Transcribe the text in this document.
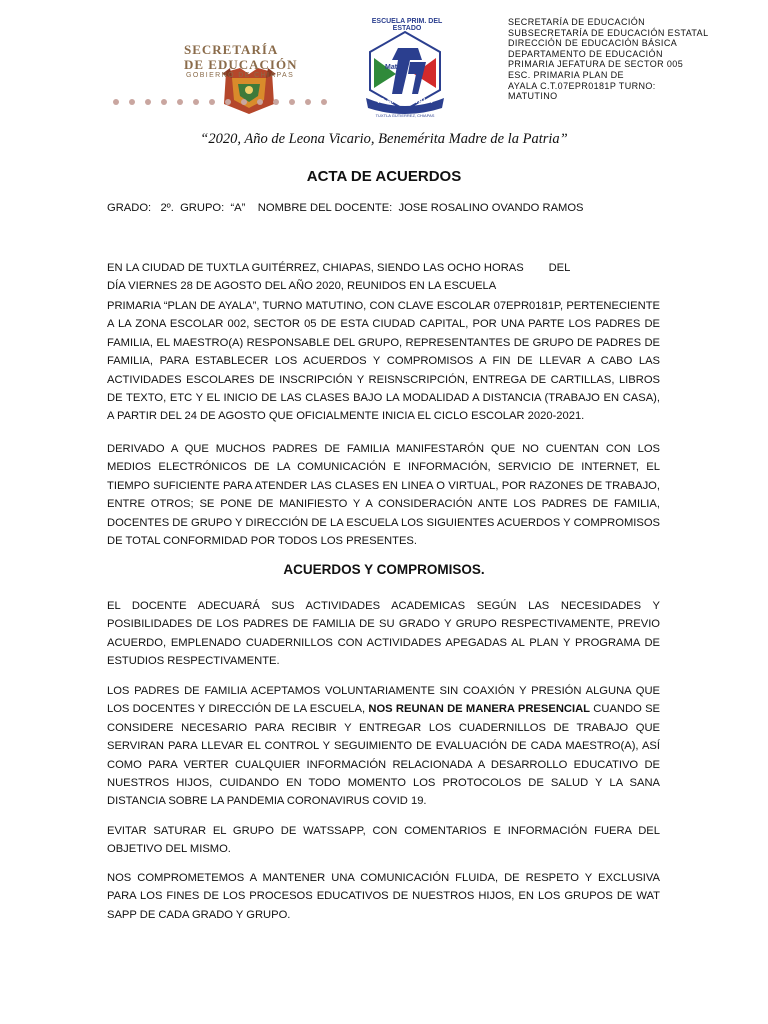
SECRETARÍA
DE EDUCACIÓN
GOBIERNO DE CHIAPAS
ESCUELA PRIM. DEL ESTADO
Mat.
PLAN DE AYALA
TUXTLA GUTIERREZ, CHIAPAS
SECRETARÍA DE EDUCACIÓN
SUBSECRETARÍA DE EDUCACIÓN ESTATAL
DIRECCIÓN DE EDUCACIÓN BÁSICA
DEPARTAMENTO DE EDUCACIÓN
PRIMARIA JEFATURA DE SECTOR 005
ESC. PRIMARIA PLAN DE
AYALA C.T.07EPR0181P TURNO:
MATUTINO
“2020, Año de Leona Vicario, Benemérita Madre de la Patria”
ACTA DE ACUERDOS
GRADO:   2º.  GRUPO:  “A”    NOMBRE DEL DOCENTE:  JOSE ROSALINO OVANDO RAMOS
EN LA CIUDAD DE TUXTLA GUITÉRREZ, CHIAPAS, SIENDO LAS OCHO HORAS        DEL
DÍA VIERNES 28 DE AGOSTO DEL AÑO 2020, REUNIDOS EN LA ESCUELA
PRIMARIA “PLAN DE AYALA”, TURNO MATUTINO, CON CLAVE ESCOLAR 07EPR0181P, PERTENECIENTE A LA ZONA ESCOLAR 002, SECTOR 05 DE ESTA CIUDAD CAPITAL, POR UNA PARTE LOS PADRES DE FAMILIA, EL MAESTRO(A) RESPONSABLE DEL GRUPO, REPRESENTANTES DE GRUPO DE PADRES DE FAMILIA, PARA ESTABLECER LOS ACUERDOS Y COMPROMISOS A FIN DE LLEVAR A CABO LAS ACTIVIDADES ESCOLARES DE INSCRIPCIÓN Y REISNSCRIPCIÓN, ENTREGA DE CARTILLAS, LIBROS DE TEXTO, ETC Y EL INICIO DE LAS CLASES BAJO LA MODALIDAD A DISTANCIA (TRABAJO EN CASA), A PARTIR DEL 24 DE AGOSTO QUE OFICIALMENTE INICIA EL CICLO ESCOLAR 2020-2021.
DERIVADO A QUE MUCHOS PADRES DE FAMILIA MANIFESTARÓN QUE NO CUENTAN CON LOS MEDIOS ELECTRÓNICOS DE LA COMUNICACIÓN E INFORMACIÓN, SERVICIO DE INTERNET, EL TIEMPO SUFICIENTE PARA ATENDER LAS CLASES EN LINEA O VIRTUAL, POR RAZONES DE TRABAJO, ENTRE OTROS; SE PONE DE MANIFIESTO Y A CONSIDERACIÓN ANTE LOS PADRES DE FAMILIA, DOCENTES DE GRUPO Y DIRECCIÓN DE LA ESCUELA LOS SIGUIENTES ACUERDOS Y COMPROMISOS DE TOTAL CONFORMIDAD POR TODOS LOS PRESENTES.
ACUERDOS Y COMPROMISOS.
EL DOCENTE ADECUARÁ SUS ACTIVIDADES ACADEMICAS SEGÚN LAS NECESIDADES Y POSIBILIDADES DE LOS PADRES DE FAMILIA DE SU GRADO Y GRUPO RESPECTIVAMENTE, PREVIO ACUERDO, EMPLENADO CUADERNILLOS CON ACTIVIDADES APEGADAS AL PLAN Y PROGRAMA DE ESTUDIOS RESPECTIVAMENTE.
LOS PADRES DE FAMILIA ACEPTAMOS VOLUNTARIAMENTE SIN COAXIÓN Y PRESIÓN ALGUNA QUE LOS DOCENTES Y DIRECCIÓN DE LA ESCUELA, NOS REUNAN DE MANERA PRESENCIAL CUANDO SE CONSIDERE NECESARIO PARA RECIBIR Y ENTREGAR LOS CUADERNILLOS DE TRABAJO QUE SERVIRAN PARA LLEVAR EL CONTROL Y SEGUIMIENTO DE EVALUACIÓN DE CADA MAESTRO(A), ASÍ COMO PARA VERTER CUALQUIER INFORMACIÓN RELACIONADA A DESARROLLO EDUCATIVO DE NUESTROS HIJOS, CUIDANDO EN TODO MOMENTO LOS PROTOCOLOS DE SALUD Y LA SANA DISTANCIA SOBRE LA PANDEMIA CORONAVIRUS COVID 19.
EVITAR SATURAR EL GRUPO DE WATSSAPP, CON COMENTARIOS E INFORMACIÓN FUERA DEL OBJETIVO DEL MISMO.
NOS COMPROMETEMOS A MANTENER UNA COMUNICACIÓN FLUIDA, DE RESPETO Y EXCLUSIVA PARA LOS FINES DE LOS PROCESOS EDUCATIVOS DE NUESTROS HIJOS, EN LOS GRUPOS DE WAT SAPP DE CADA GRADO Y GRUPO.
